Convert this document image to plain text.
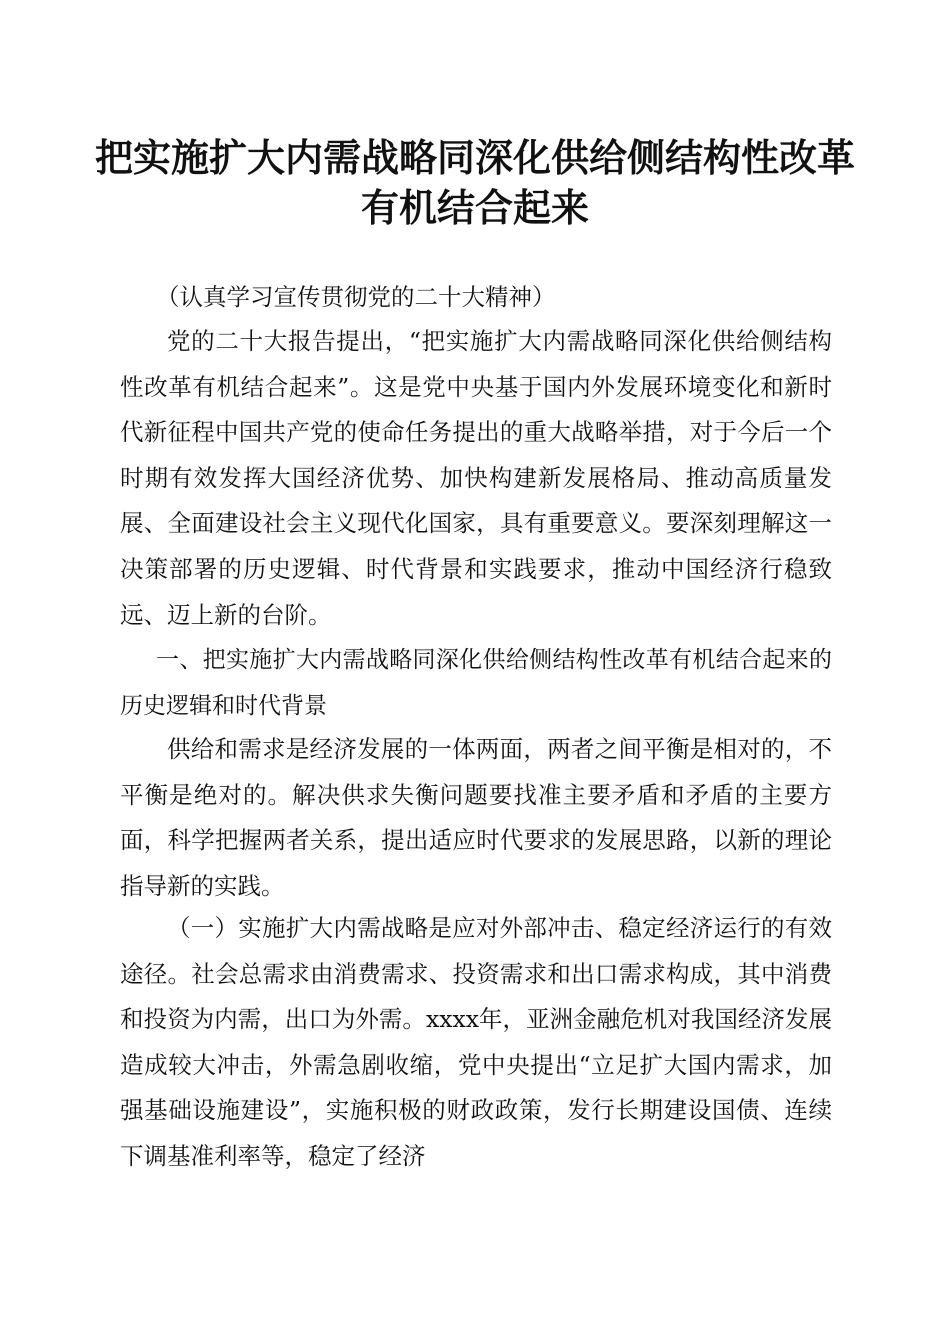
把实施扩大内需战略同深化供给侧结构性改革
有机结合起来
（认真学习宣传贯彻党的二十大精神）

党的二十大报告提出，“把实施扩大内需战略同深化供给侧结构性改革有机结合起来”。这是党中央基于国内外发展环境变化和新时代新征程中国共产党的使命任务提出的重大战略举措，对于今后一个时期有效发挥大国经济优势、加快构建新发展格局、推动高质量发展、全面建设社会主义现代化国家，具有重要意义。要深刻理解这一决策部署的历史逻辑、时代背景和实践要求，推动中国经济行稳致远、迈上新的台阶。

一、把实施扩大内需战略同深化供给侧结构性改革有机结合起来的历史逻辑和时代背景

供给和需求是经济发展的一体两面，两者之间平衡是相对的，不平衡是绝对的。解决供求失衡问题要找准主要矛盾和矛盾的主要方面，科学把握两者关系，提出适应时代要求的发展思路，以新的理论指导新的实践。

（一）实施扩大内需战略是应对外部冲击、稳定经济运行的有效途径。社会总需求由消费需求、投资需求和出口需求构成，其中消费和投资为内需，出口为外需。xxxx年，亚洲金融危机对我国经济发展造成较大冲击，外需急剧收缩，党中央提出“立足扩大国内需求，加强基础设施建设”，实施积极的财政政策，发行长期建设国债、连续下调基准利率等，稳定了经济
